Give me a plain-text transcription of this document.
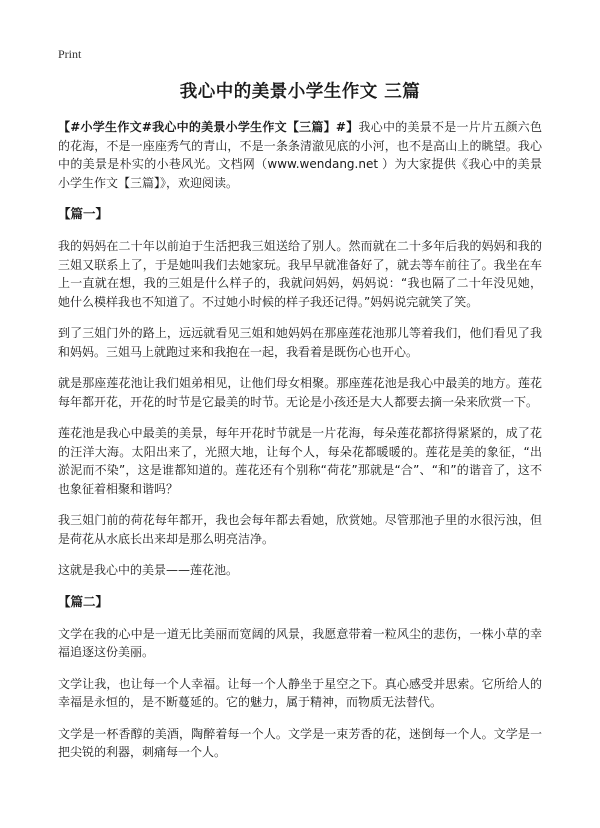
Print
我心中的美景小学生作文 三篇

【#小学生作文#我心中的美景小学生作文【三篇】#】我心中的美景不是一片片五颜六色的花海，不是一座座秀气的青山，不是一条条清澈见底的小河，也不是高山上的眺望。我心中的美景是朴实的小巷风光。文档网（www.wendang.net ）为大家提供《我心中的美景小学生作文【三篇】》，欢迎阅读。

【篇一】

我的妈妈在二十年以前迫于生活把我三姐送给了别人。然而就在二十多年后我的妈妈和我的三姐又联系上了，于是她叫我们去她家玩。我早早就准备好了，就去等车前往了。我坐在车上一直就在想，我的三姐是什么样子的，我就问妈妈，妈妈说：“我也隔了二十年没见她，她什么模样我也不知道了。不过她小时候的样子我还记得。”妈妈说完就笑了笑。

到了三姐门外的路上，远远就看见三姐和她妈妈在那座莲花池那儿等着我们，他们看见了我和妈妈。三姐马上就跑过来和我抱在一起，我看着是既伤心也开心。

就是那座莲花池让我们姐弟相见，让他们母女相聚。那座莲花池是我心中最美的地方。莲花每年都开花，开花的时节是它最美的时节。无论是小孩还是大人都要去摘一朵来欣赏一下。

莲花池是我心中最美的美景，每年开花时节就是一片花海，每朵莲花都挤得紧紧的，成了花的汪洋大海。太阳出来了，光照大地，让每个人，每朵花都暖暖的。莲花是美的象征，“出淤泥而不染”，这是谁都知道的。莲花还有个别称“荷花”那就是“合”、“和”的谐音了，这不也象征着相聚和谐吗？

我三姐门前的荷花每年都开，我也会每年都去看她，欣赏她。尽管那池子里的水很污浊，但是荷花从水底长出来却是那么明亮洁净。

这就是我心中的美景——莲花池。

【篇二】

文学在我的心中是一道无比美丽而宽阔的风景，我愿意带着一粒风尘的悲伤，一株小草的幸福追逐这份美丽。

文学让我，也让每一个人幸福。让每一个人静坐于星空之下。真心感受并思索。它所给人的幸福是永恒的，是不断蔓延的。它的魅力，属于精神，而物质无法替代。

文学是一杯香醇的美酒，陶醉着每一个人。文学是一束芳香的花，迷倒每一个人。文学是一把尖锐的利器，刺痛每一个人。
